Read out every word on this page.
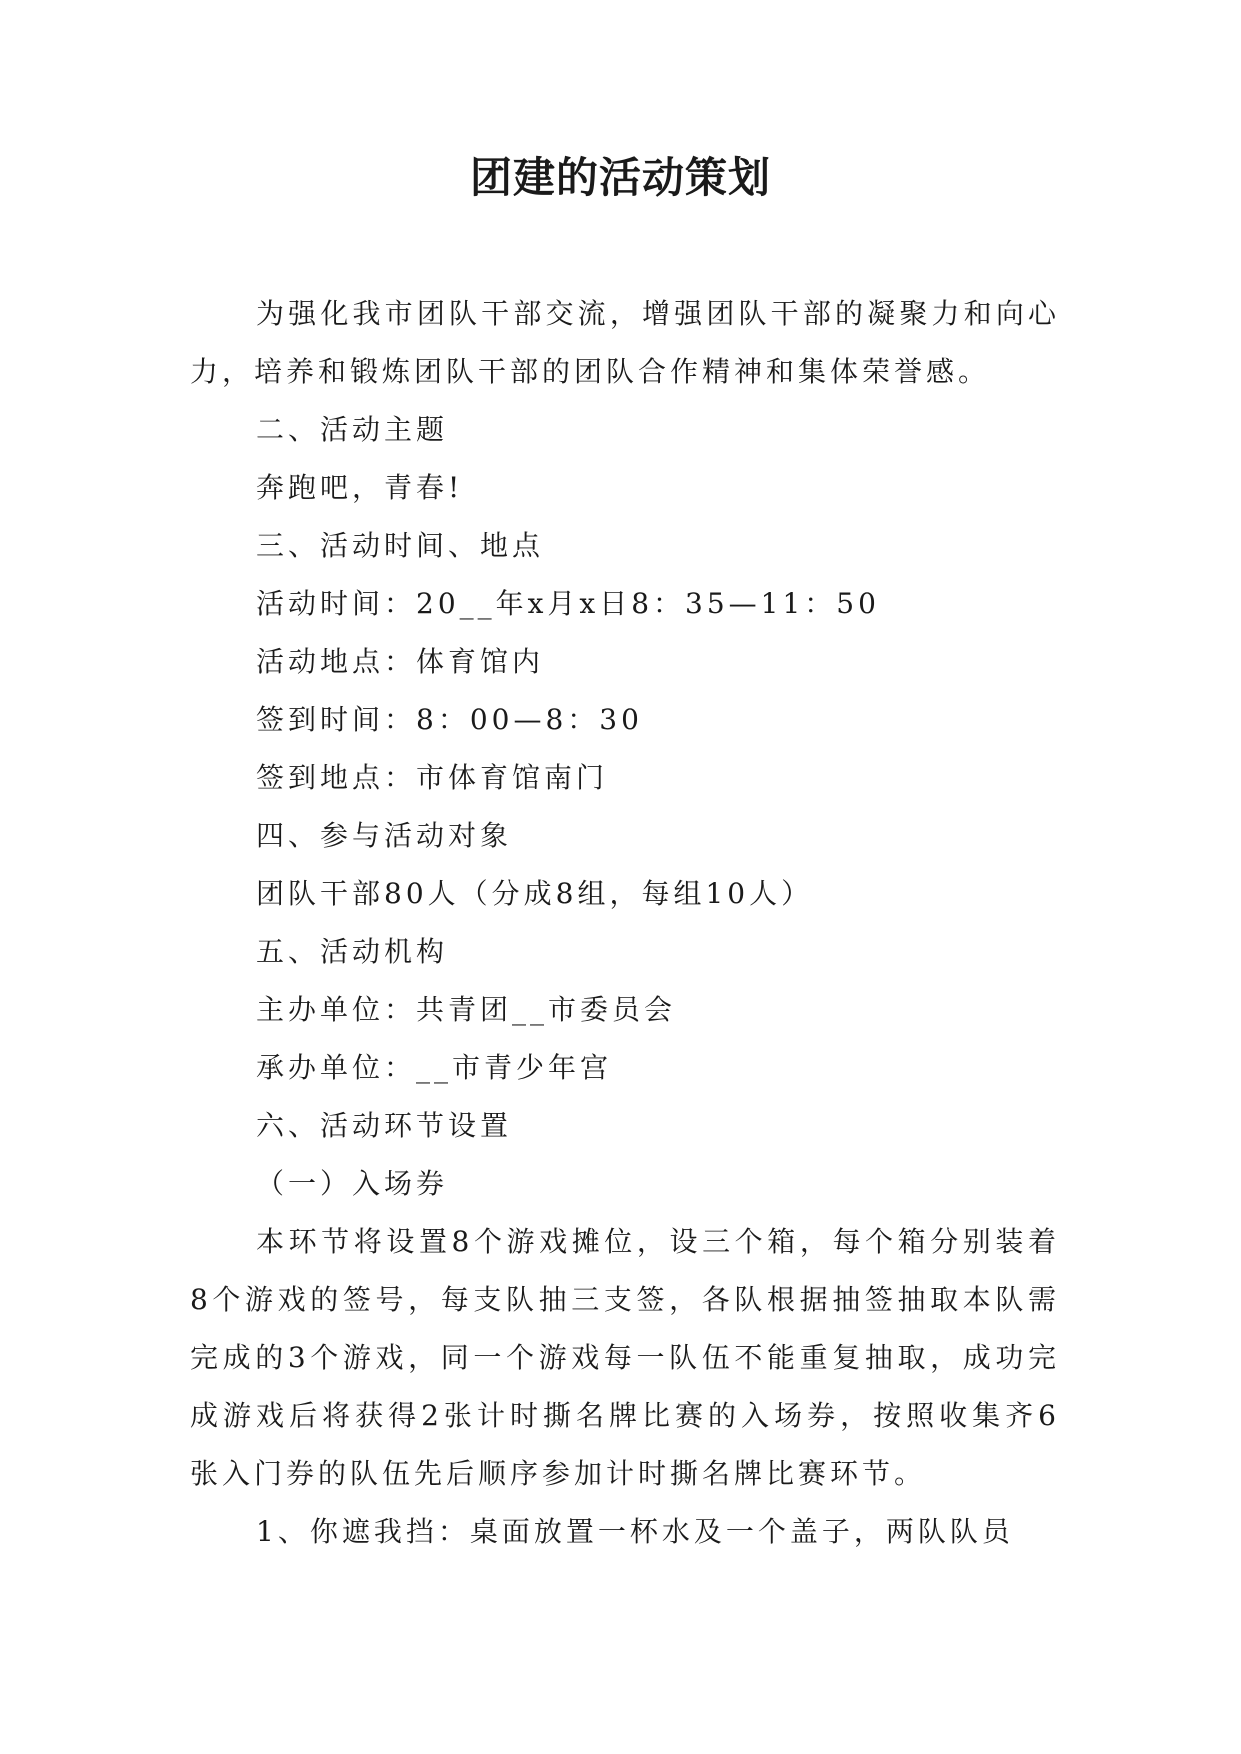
团建的活动策划

为强化我市团队干部交流，增强团队干部的凝聚力和向心力，培养和锻炼团队干部的团队合作精神和集体荣誉感。

二、活动主题

奔跑吧，青春!

三、活动时间、地点

活动时间：20__年x月x日8：35—11：50

活动地点：体育馆内

签到时间：8：00—8：30

签到地点：市体育馆南门

四、参与活动对象

团队干部80人（分成8组，每组10人）

五、活动机构

主办单位：共青团__市委员会

承办单位：__市青少年宫

六、活动环节设置

（一）入场券

本环节将设置8个游戏摊位，设三个箱，每个箱分别装着8个游戏的签号，每支队抽三支签，各队根据抽签抽取本队需完成的3个游戏，同一个游戏每一队伍不能重复抽取，成功完成游戏后将获得2张计时撕名牌比赛的入场券，按照收集齐6张入门券的队伍先后顺序参加计时撕名牌比赛环节。

1、你遮我挡：桌面放置一杯水及一个盖子，两队队员
